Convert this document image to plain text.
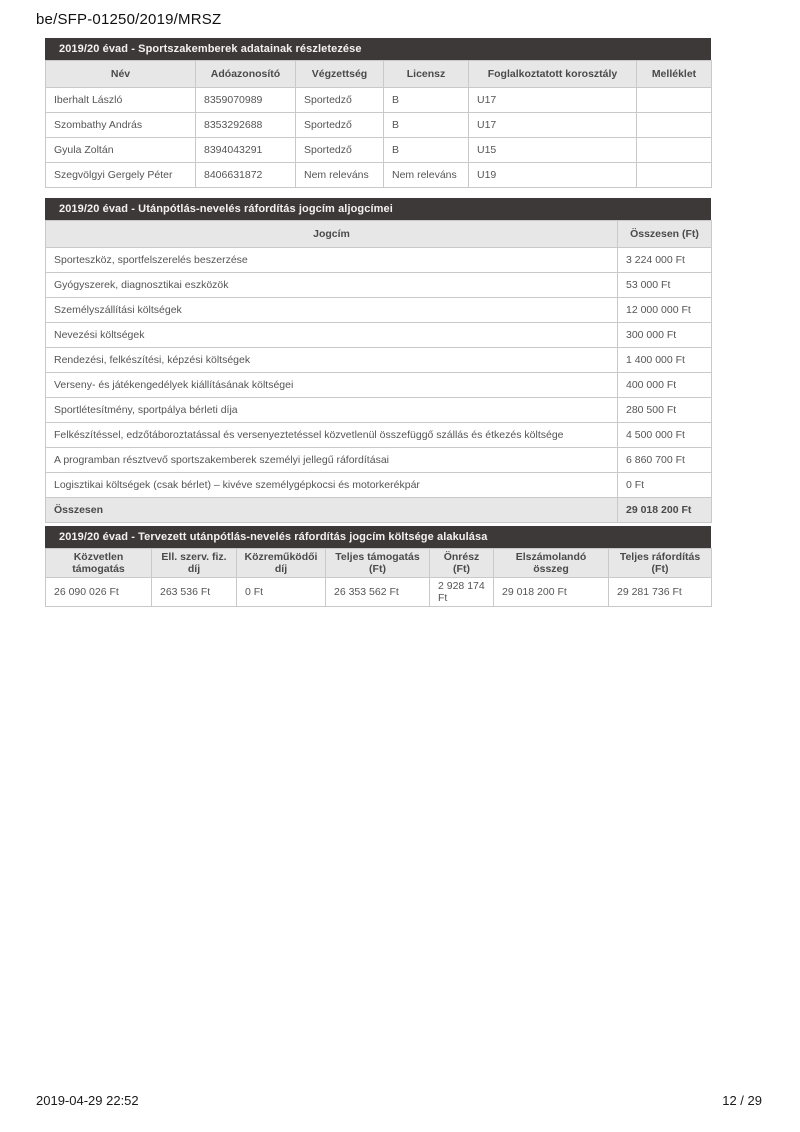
be/SFP-01250/2019/MRSZ
2019/20 évad - Sportszakemberek adatainak részletezése
Név	Adóazonosító	Végzettség	Licensz	Foglalkoztatott korosztály	Melléklet
Iberhalt László	8359070989	Sportedző	B	U17	
Szombathy András	8353292688	Sportedző	B	U17	
Gyula Zoltán	8394043291	Sportedző	B	U15	
Szegvölgyi Gergely Péter	8406631872	Nem releváns	Nem releváns	U19	
2019/20 évad - Utánpótlás-nevelés ráfordítás jogcím aljogcímei
Jogcím	Összesen (Ft)
Sporteszköz, sportfelszerelés beszerzése	3 224 000 Ft
Gyógyszerek, diagnosztikai eszközök	53 000 Ft
Személyszállítási költségek	12 000 000 Ft
Nevezési költségek	300 000 Ft
Rendezési, felkészítési, képzési költségek	1 400 000 Ft
Verseny- és játékengedélyek kiállításának költségei	400 000 Ft
Sportlétesítmény, sportpálya bérleti díja	280 500 Ft
Felkészítéssel, edzőtáboroztatással és versenyeztetéssel közvetlenül összefüggő szállás és étkezés költsége	4 500 000 Ft
A programban résztvevő sportszakemberek személyi jellegű ráfordításai	6 860 700 Ft
Logisztikai költségek (csak bérlet) – kivéve személygépkocsi és motorkerékpár	0 Ft
Összesen	29 018 200 Ft
2019/20 évad - Tervezett utánpótlás-nevelés ráfordítás jogcím költsége alakulása
Közvetlen támogatás	Ell. szerv. fiz. díj	Közreműködői díj	Teljes támogatás (Ft)	Önrész (Ft)	Elszámolandó összeg	Teljes ráfordítás (Ft)
26 090 026 Ft	263 536 Ft	0 Ft	26 353 562 Ft	2 928 174 Ft	29 018 200 Ft	29 281 736 Ft
2019-04-29 22:52	12 / 29
